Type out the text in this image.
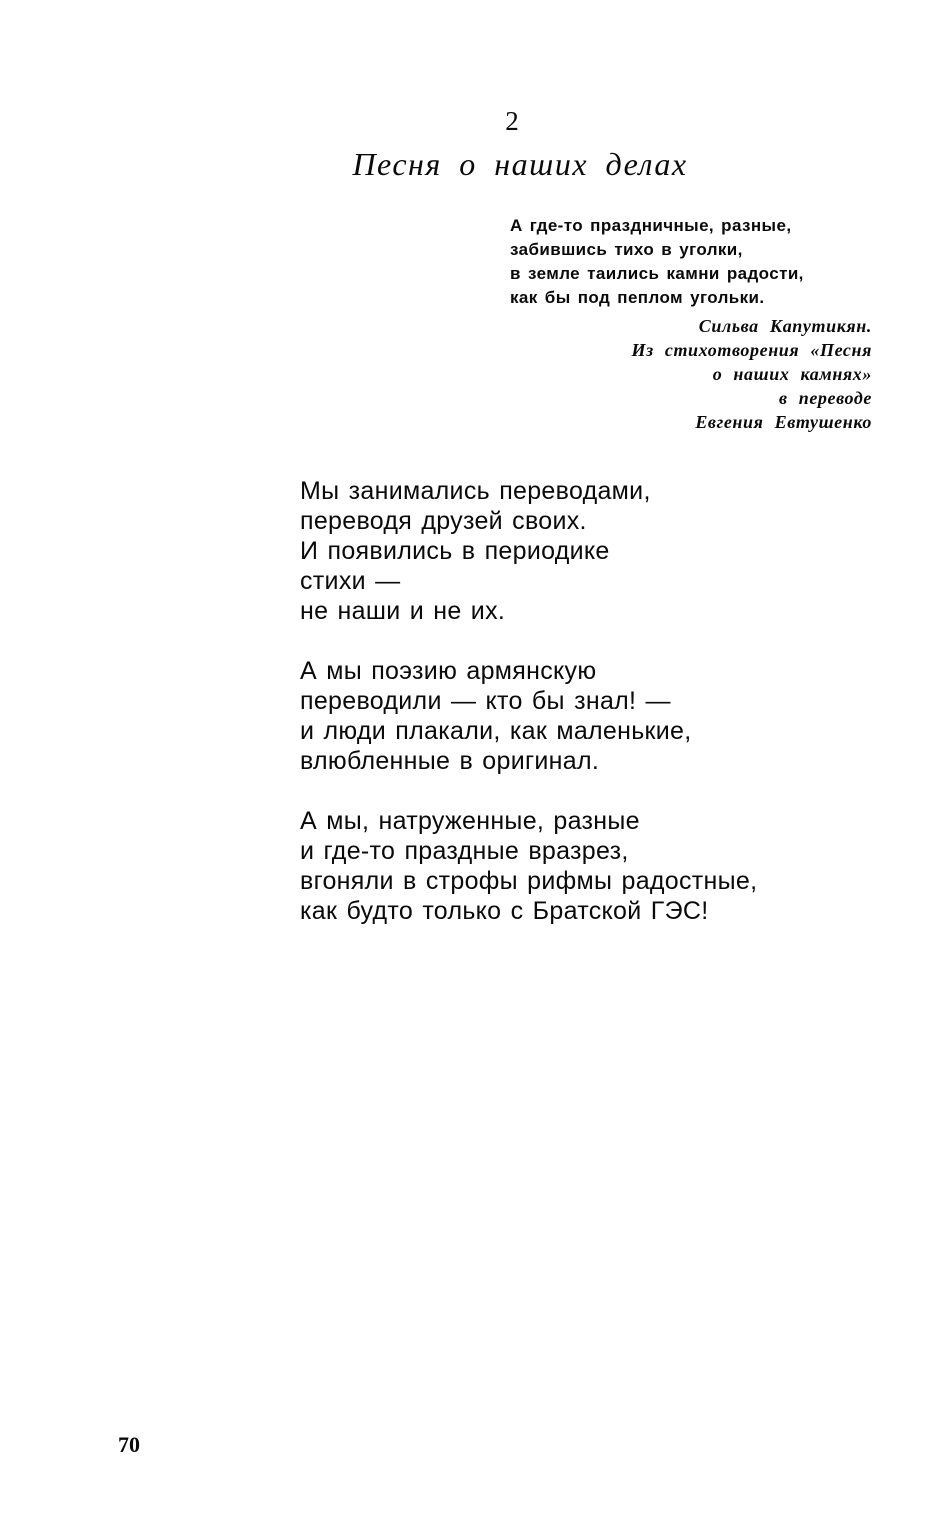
2
Песня о наших делах
А где-то праздничные, разные,
забившись тихо в уголки,
в земле таились камни радости,
как бы под пеплом угольки.
Сильва Капутикян.
Из стихотворения «Песня
о наших камнях»
в переводе
Евгения Евтушенко
Мы занимались переводами,
переводя друзей своих.
И появились в периодике
стихи —
не наши и не их.
А мы поэзию армянскую
переводили — кто бы знал! —
и люди плакали, как маленькие,
влюбленные в оригинал.
А мы, натруженные, разные
и где-то праздные вразрез,
вгоняли в строфы рифмы радостные,
как будто только с Братской ГЭС!
70
